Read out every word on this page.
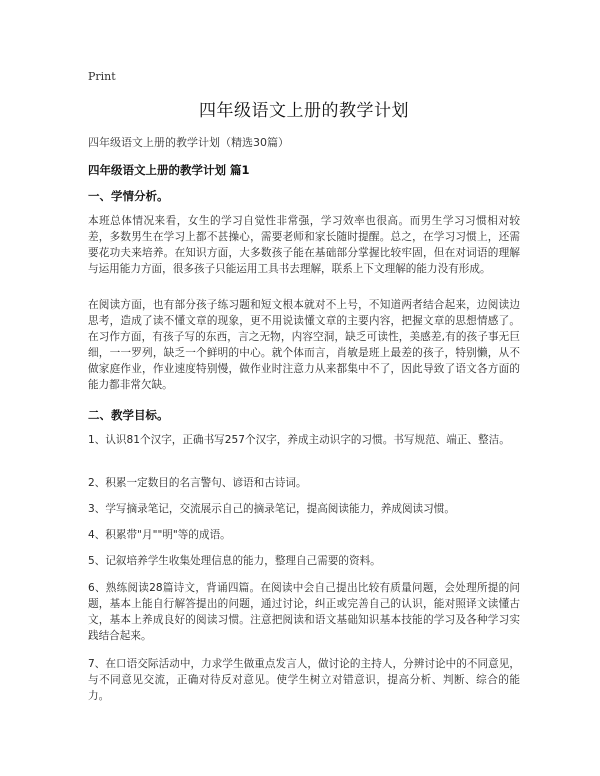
Print
四年级语文上册的教学计划
四年级语文上册的教学计划（精选30篇）
四年级语文上册的教学计划 篇1
一、学情分析。

本班总体情况来看，女生的学习自觉性非常强，学习效率也很高。而男生学习习惯相对较差，多数男生在学习上都不甚操心，需要老师和家长随时提醒。总之，在学习习惯上，还需要花功夫来培养。在知识方面，大多数孩子能在基础部分掌握比较牢固，但在对词语的理解与运用能力方面，很多孩子只能运用工具书去理解，联系上下文理解的能力没有形成。

在阅读方面，也有部分孩子练习题和短文根本就对不上号，不知道两者结合起来，边阅读边思考，造成了读不懂文章的现象，更不用说读懂文章的主要内容，把握文章的思想情感了。在习作方面，有孩子写的东西，言之无物，内容空洞，缺乏可读性，美感差,有的孩子事无巨细，一一罗列，缺乏一个鲜明的中心。就个体而言，肖敏是班上最差的孩子，特别懒，从不做家庭作业，作业速度特别慢，做作业时注意力从来都集中不了，因此导致了语文各方面的能力都非常欠缺。

二、教学目标。

1、认识81个汉字，正确书写257个汉字，养成主动识字的习惯。书写规范、端正、整洁。

2、积累一定数目的名言警句、谚语和古诗词。

3、学写摘录笔记，交流展示自己的摘录笔记，提高阅读能力，养成阅读习惯。

4、积累带"月""明"等的成语。

5、记叙培养学生收集处理信息的能力，整理自己需要的资料。

6、熟练阅读28篇诗文，背诵四篇。在阅读中会自己提出比较有质量问题，会处理所提的问题，基本上能自行解答提出的问题，通过讨论，纠正或完善自己的认识，能对照译文读懂古文，基本上养成良好的阅读习惯。注意把阅读和语文基础知识基本技能的学习及各种学习实践结合起来。

7、在口语交际活动中，力求学生做重点发言人，做讨论的主持人，分辨讨论中的不同意见，与不同意见交流，正确对待反对意见。使学生树立对错意识，提高分析、判断、综合的能力。
